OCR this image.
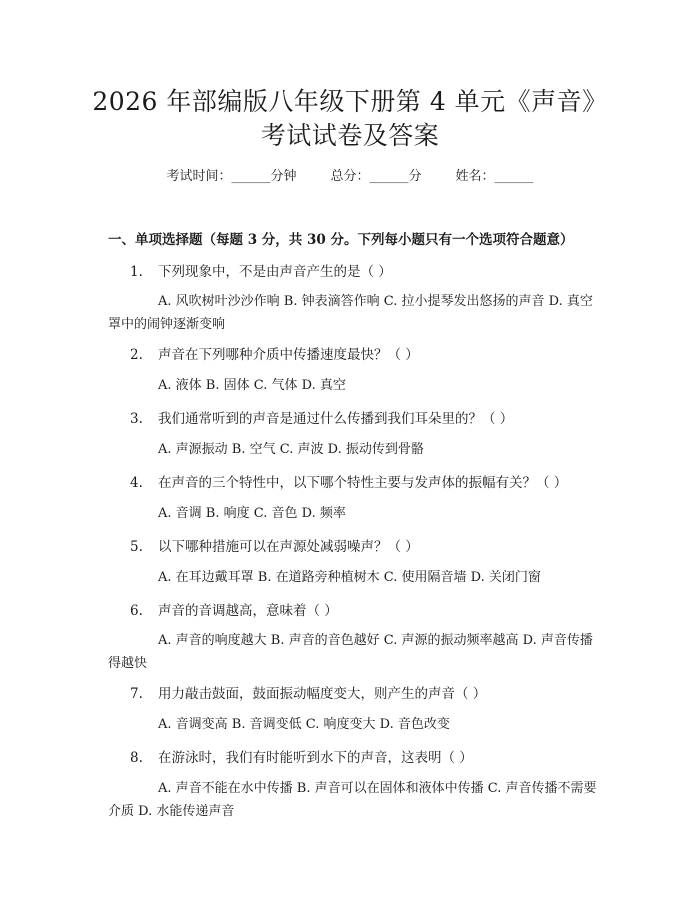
2026 年部编版八年级下册第 4 单元《声音》
考试试卷及答案
考试时间：______分钟	总分：______分	姓名：______
一、单项选择题（每题 3 分，共 30 分。下列每小题只有一个选项符合题意）
1. 下列现象中，不是由声音产生的是（ ）
A. 风吹树叶沙沙作响 B. 钟表滴答作响 C. 拉小提琴发出悠扬的声音 D. 真空罩中的闹钟逐渐变响
2. 声音在下列哪种介质中传播速度最快？（ ）
A. 液体 B. 固体 C. 气体 D. 真空
3. 我们通常听到的声音是通过什么传播到我们耳朵里的？（ ）
A. 声源振动 B. 空气 C. 声波 D. 振动传到骨骼
4. 在声音的三个特性中，以下哪个特性主要与发声体的振幅有关？（ ）
A. 音调 B. 响度 C. 音色 D. 频率
5. 以下哪种措施可以在声源处减弱噪声？（ ）
A. 在耳边戴耳罩 B. 在道路旁种植树木 C. 使用隔音墙 D. 关闭门窗
6. 声音的音调越高，意味着（ ）
A. 声音的响度越大 B. 声音的音色越好 C. 声源的振动频率越高 D. 声音传播得越快
7. 用力敲击鼓面，鼓面振动幅度变大，则产生的声音（ ）
A. 音调变高 B. 音调变低 C. 响度变大 D. 音色改变
8. 在游泳时，我们有时能听到水下的声音，这表明（ ）
A. 声音不能在水中传播 B. 声音可以在固体和液体中传播 C. 声音传播不需要介质 D. 水能传递声音
